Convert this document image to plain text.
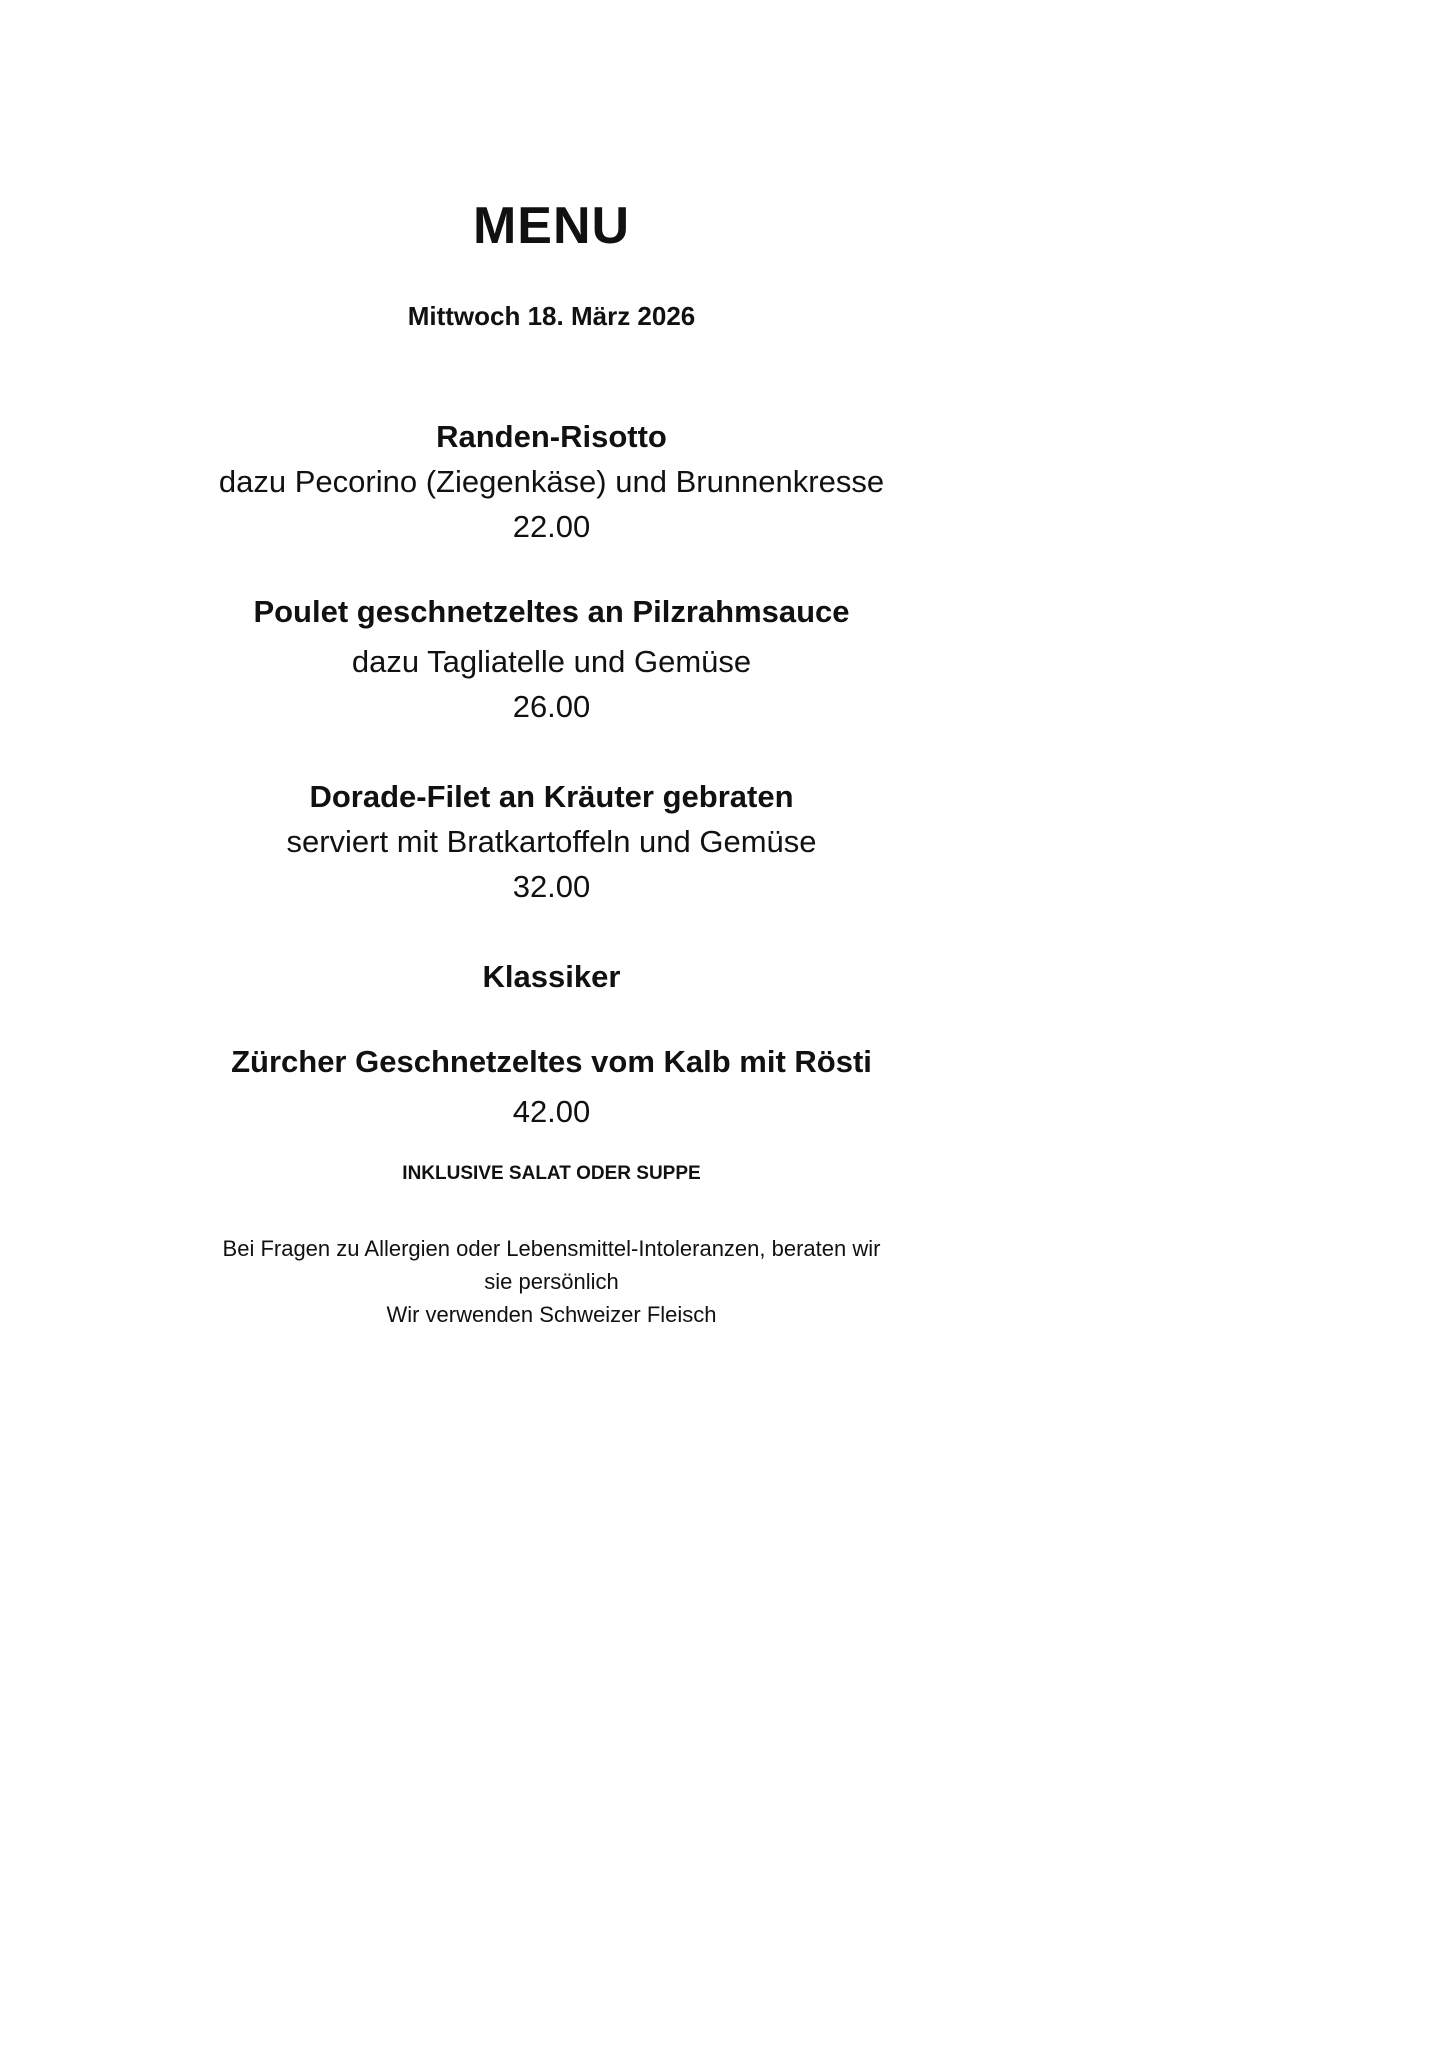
MENU
Mittwoch 18. März 2026
Randen-Risotto
dazu Pecorino (Ziegenkäse) und Brunnenkresse
22.00
Poulet geschnetzeltes an Pilzrahmsauce
dazu Tagliatelle und Gemüse
26.00
Dorade-Filet an Kräuter gebraten
serviert mit Bratkartoffeln und Gemüse
32.00
Klassiker
Zürcher Geschnetzeltes vom Kalb mit Rösti
42.00
INKLUSIVE SALAT ODER SUPPE
Bei Fragen zu Allergien oder Lebensmittel-Intoleranzen, beraten wir
sie persönlich
Wir verwenden Schweizer Fleisch
